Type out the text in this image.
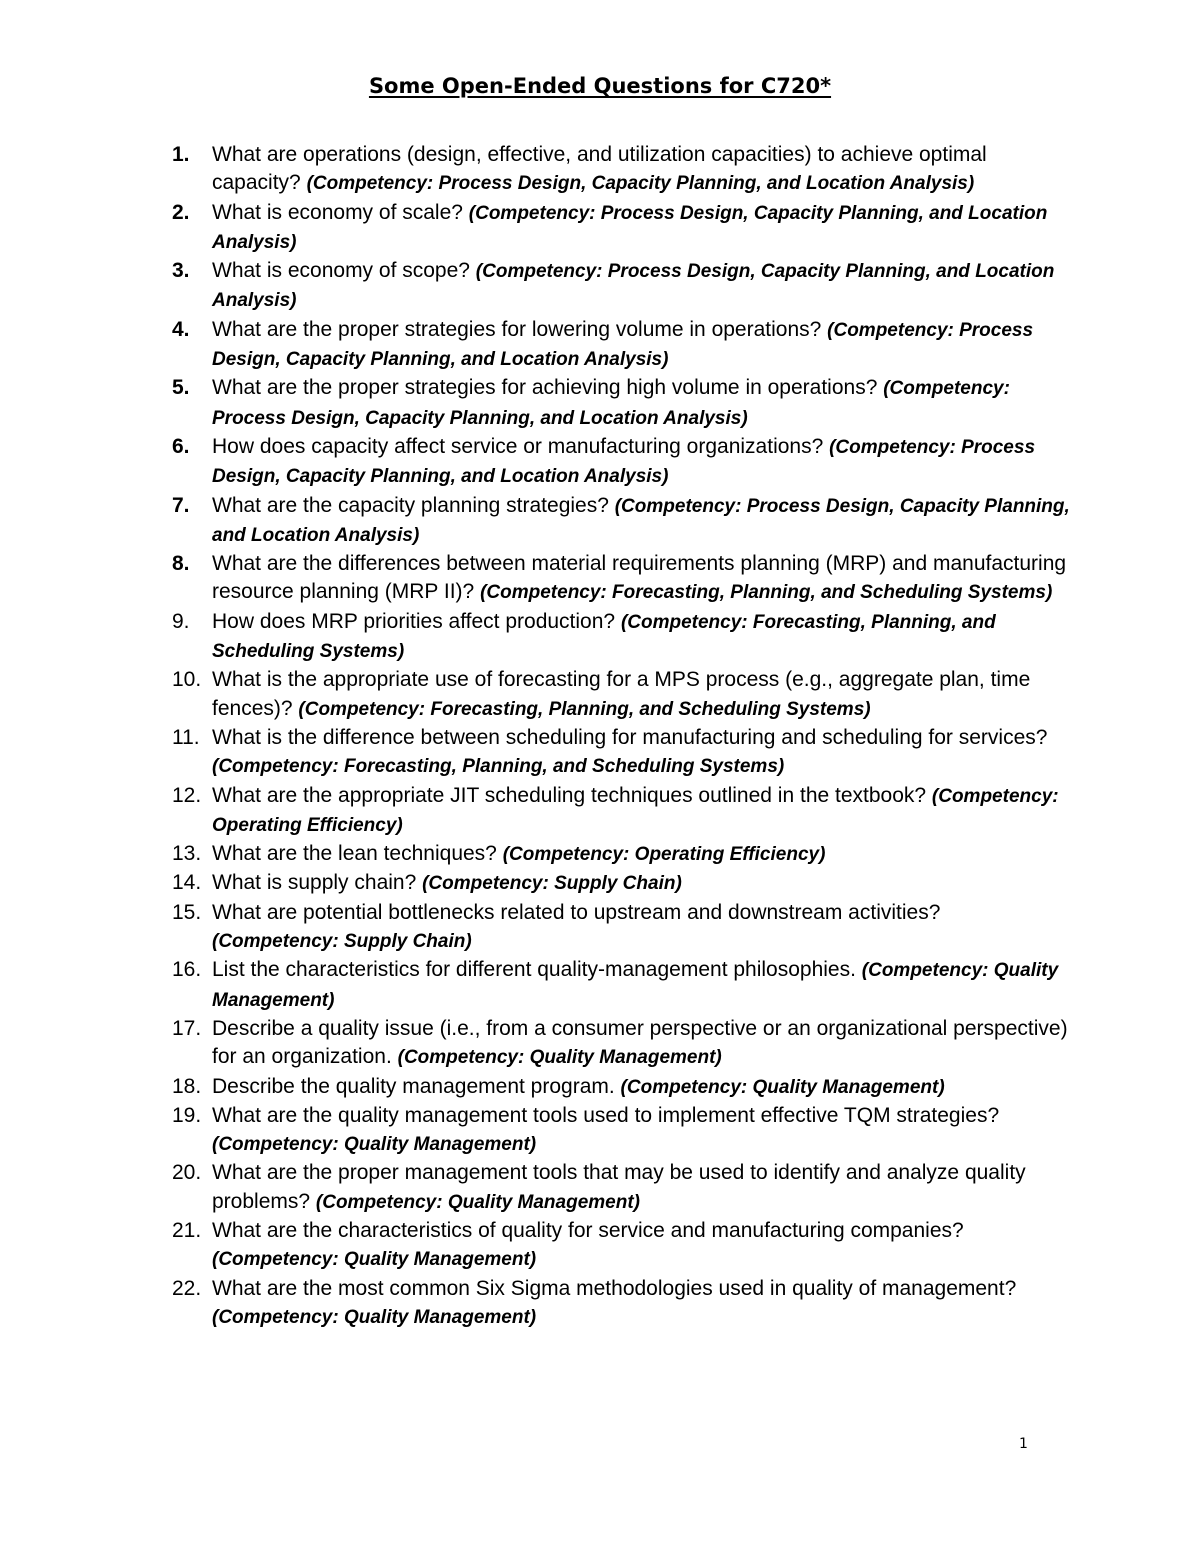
Some Open-Ended Questions for C720*
1.	What are operations (design, effective, and utilization capacities) to achieve optimal capacity? (Competency: Process Design, Capacity Planning, and Location Analysis)
2.	What is economy of scale? (Competency: Process Design, Capacity Planning, and Location Analysis)
3.	What is economy of scope? (Competency: Process Design, Capacity Planning, and Location Analysis)
4.	What are the proper strategies for lowering volume in operations? (Competency: Process Design, Capacity Planning, and Location Analysis)
5.	What are the proper strategies for achieving high volume in operations? (Competency: Process Design, Capacity Planning, and Location Analysis)
6.	How does capacity affect service or manufacturing organizations? (Competency: Process Design, Capacity Planning, and Location Analysis)
7.	What are the capacity planning strategies? (Competency: Process Design, Capacity Planning, and Location Analysis)
8.	What are the differences between material requirements planning (MRP) and manufacturing resource planning (MRP II)? (Competency: Forecasting, Planning, and Scheduling Systems)
9.	How does MRP priorities affect production? (Competency: Forecasting, Planning, and Scheduling Systems)
10. What is the appropriate use of forecasting for a MPS process (e.g., aggregate plan, time fences)? (Competency: Forecasting, Planning, and Scheduling Systems)
11. What is the difference between scheduling for manufacturing and scheduling for services? (Competency: Forecasting, Planning, and Scheduling Systems)
12. What are the appropriate JIT scheduling techniques outlined in the textbook? (Competency: Operating Efficiency)
13. What are the lean techniques? (Competency: Operating Efficiency)
14. What is supply chain? (Competency: Supply Chain)
15. What are potential bottlenecks related to upstream and downstream activities? (Competency: Supply Chain)
16. List the characteristics for different quality-management philosophies. (Competency: Quality Management)
17. Describe a quality issue (i.e., from a consumer perspective or an organizational perspective) for an organization. (Competency: Quality Management)
18. Describe the quality management program. (Competency: Quality Management)
19. What are the quality management tools used to implement effective TQM strategies? (Competency: Quality Management)
20. What are the proper management tools that may be used to identify and analyze quality problems? (Competency: Quality Management)
21. What are the characteristics of quality for service and manufacturing companies? (Competency: Quality Management)
22. What are the most common Six Sigma methodologies used in quality of management? (Competency: Quality Management)
1
